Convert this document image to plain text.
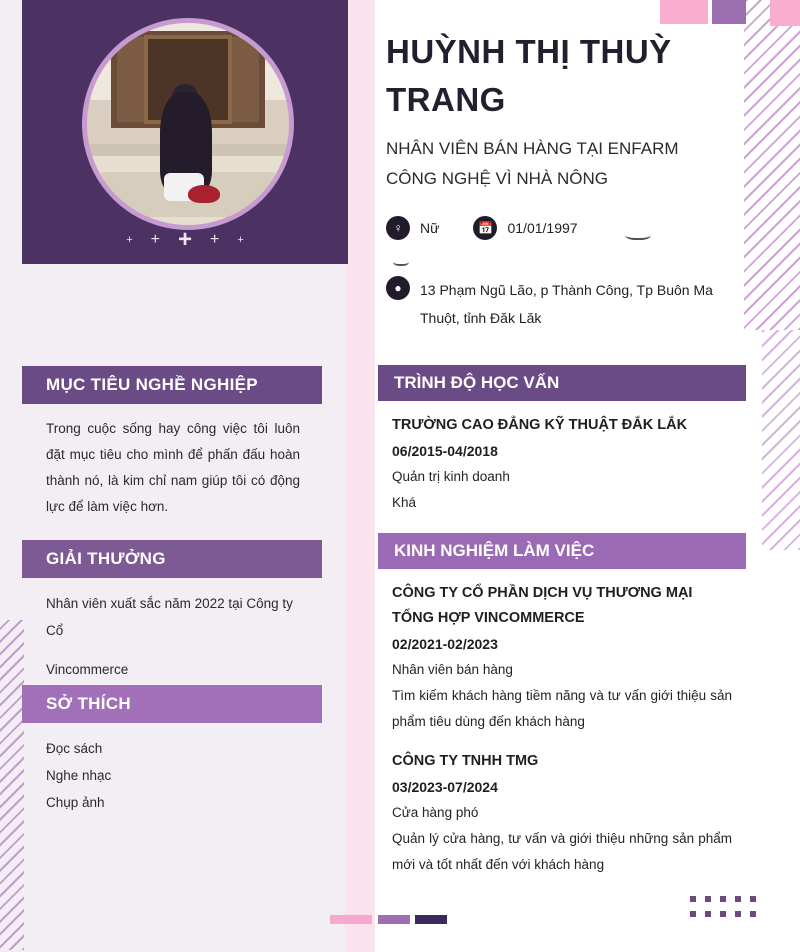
+ + + + +
MỤC TIÊU NGHỀ NGHIỆP
Trong cuộc sống hay công việc tôi luôn đặt mục tiêu cho mình để phấn đấu hoàn thành nó, là kim chỉ nam giúp tôi có động lực để làm việc hơn.
GIẢI THƯỞNG
Nhân viên xuất sắc năm 2022 tại Công ty Cổ
Vincommerce
SỞ THÍCH
Đọc sách
Nghe nhạc
Chụp ảnh
HUỲNH THỊ THUỲ TRANG
NHÂN VIÊN BÁN HÀNG TẠI ENFARM CÔNG NGHỆ VÌ NHÀ NÔNG
♀	Nữ	📅	01/01/1997
●	13 Phạm Ngũ Lão, p Thành Công, Tp Buôn Ma Thuột, tỉnh Đăk Lăk
TRÌNH ĐỘ HỌC VẤN
TRƯỜNG CAO ĐẲNG KỸ THUẬT ĐẮK LẮK
06/2015-04/2018
Quản trị kinh doanh
Khá
KINH NGHIỆM LÀM VIỆC
CÔNG TY CỔ PHẦN DỊCH VỤ THƯƠNG MẠI TỔNG HỢP VINCOMMERCE
02/2021-02/2023
Nhân viên bán hàng
Tìm kiếm khách hàng tiềm năng và tư vấn giới thiệu sản phẩm tiêu dùng đến khách hàng
CÔNG TY TNHH TMG
03/2023-07/2024
Cửa hàng phó
Quản lý cửa hàng, tư vấn và giới thiệu những sản phẩm mới và tốt nhất đến với khách hàng
